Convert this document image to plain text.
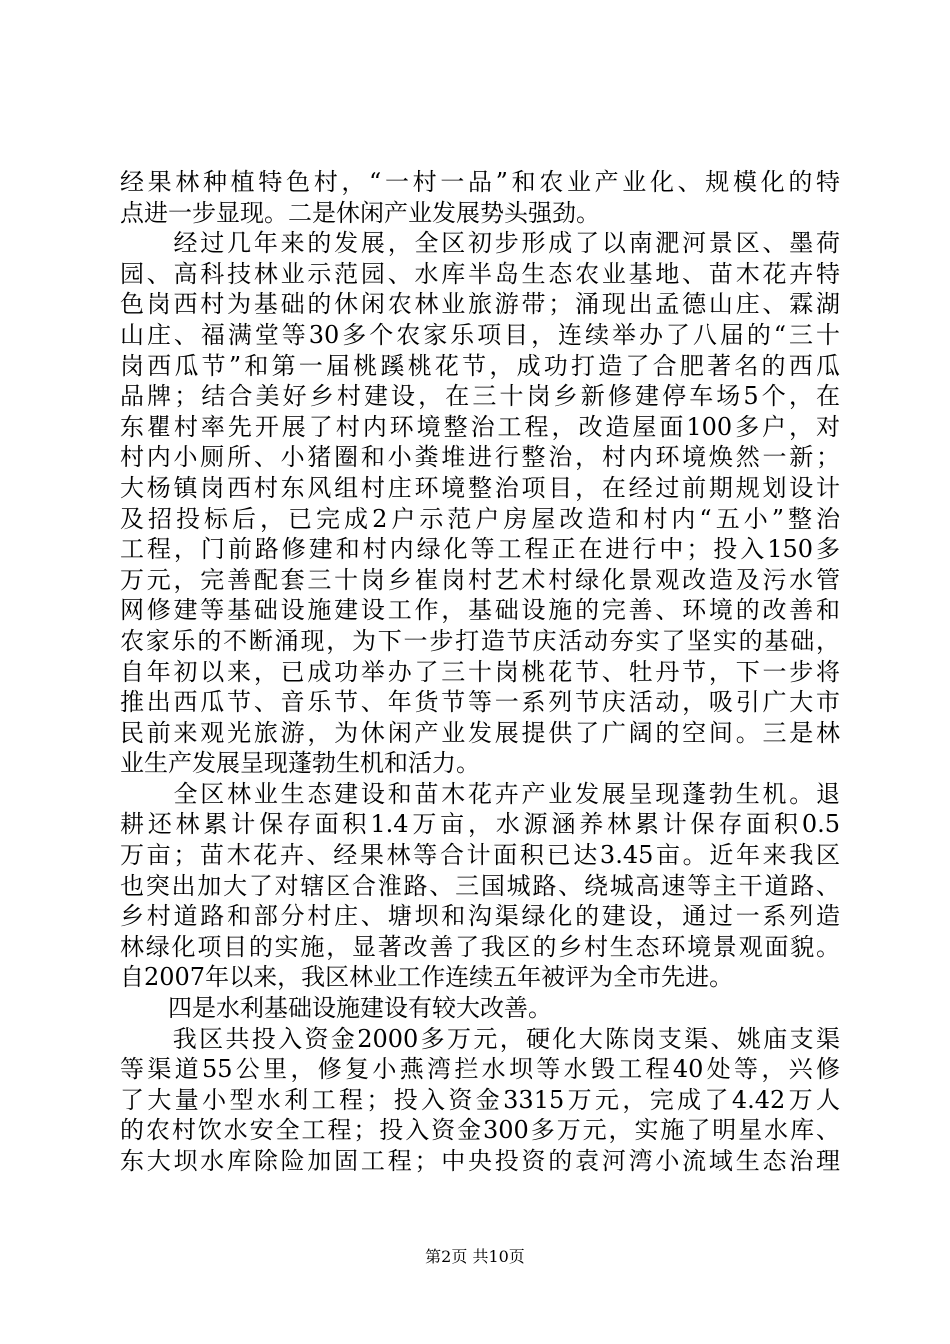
经果林种植特色村，“一村一品”和农业产业化、规模化的特
点进一步显现。二是休闲产业发展势头强劲。
　　经过几年来的发展，全区初步形成了以南淝河景区、墨荷
园、高科技林业示范园、水库半岛生态农业基地、苗木花卉特
色岗西村为基础的休闲农林业旅游带；涌现出孟德山庄、霖湖
山庄、福满堂等30多个农家乐项目，连续举办了八届的“三十
岗西瓜节”和第一届桃蹊桃花节，成功打造了合肥著名的西瓜
品牌；结合美好乡村建设，在三十岗乡新修建停车场5个，在
东瞿村率先开展了村内环境整治工程，改造屋面100多户，对
村内小厕所、小猪圈和小粪堆进行整治，村内环境焕然一新；
大杨镇岗西村东风组村庄环境整治项目，在经过前期规划设计
及招投标后，已完成2户示范户房屋改造和村内“五小”整治
工程，门前路修建和村内绿化等工程正在进行中；投入150多
万元，完善配套三十岗乡崔岗村艺术村绿化景观改造及污水管
网修建等基础设施建设工作，基础设施的完善、环境的改善和
农家乐的不断涌现，为下一步打造节庆活动夯实了坚实的基础，
自年初以来，已成功举办了三十岗桃花节、牡丹节，下一步将
推出西瓜节、音乐节、年货节等一系列节庆活动，吸引广大市
民前来观光旅游，为休闲产业发展提供了广阔的空间。三是林
业生产发展呈现蓬勃生机和活力。
　　全区林业生态建设和苗木花卉产业发展呈现蓬勃生机。退
耕还林累计保存面积1.4万亩，水源涵养林累计保存面积0.5
万亩；苗木花卉、经果林等合计面积已达3.45亩。近年来我区
也突出加大了对辖区合淮路、三国城路、绕城高速等主干道路、
乡村道路和部分村庄、塘坝和沟渠绿化的建设，通过一系列造
林绿化项目的实施，显著改善了我区的乡村生态环境景观面貌。
自2007年以来，我区林业工作连续五年被评为全市先进。
　　四是水利基础设施建设有较大改善。
　　我区共投入资金2000多万元，硬化大陈岗支渠、姚庙支渠
等渠道55公里，修复小燕湾拦水坝等水毁工程40处等，兴修
了大量小型水利工程；投入资金3315万元，完成了4.42万人
的农村饮水安全工程；投入资金300多万元，实施了明星水库、
东大坝水库除险加固工程；中央投资的袁河湾小流域生态治理
第2页 共10页
